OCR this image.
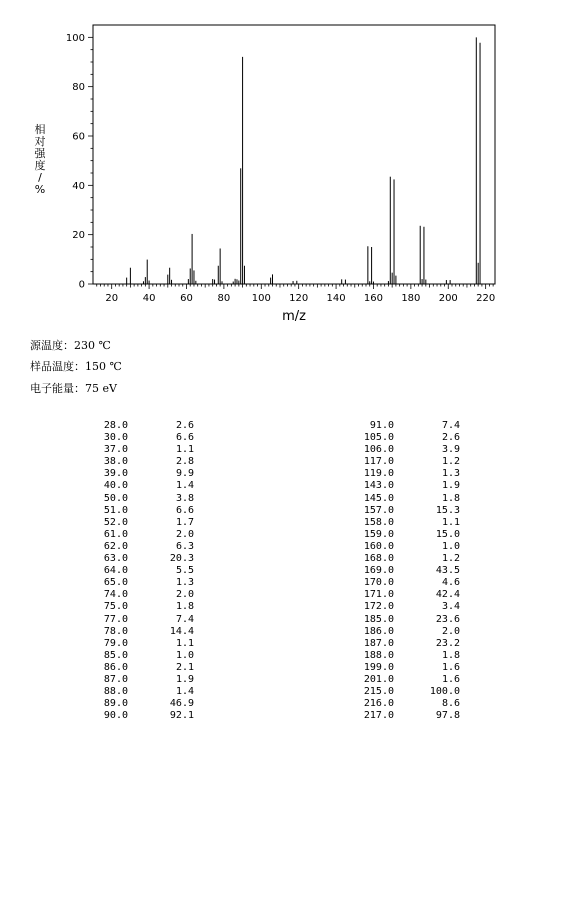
20 40 60 80 100 120 140 160 180 200 220
0
20
40
60
80
100
m/z
相对强度/ %
源温度：230 ℃
样品温度：150 ℃
电子能量：75 eV
28.0	2.6
30.0	6.6
37.0	1.1
38.0	2.8
39.0	9.9
40.0	1.4
50.0	3.8
51.0	6.6
52.0	1.7
61.0	2.0
62.0	6.3
63.0	20.3
64.0	5.5
65.0	1.3
74.0	2.0
75.0	1.8
77.0	7.4
78.0	14.4
79.0	1.1
85.0	1.0
86.0	2.1
87.0	1.9
88.0	1.4
89.0	46.9
90.0	92.1
91.0	7.4
105.0	2.6
106.0	3.9
117.0	1.2
119.0	1.3
143.0	1.9
145.0	1.8
157.0	15.3
158.0	1.1
159.0	15.0
160.0	1.0
168.0	1.2
169.0	43.5
170.0	4.6
171.0	42.4
172.0	3.4
185.0	23.6
186.0	2.0
187.0	23.2
188.0	1.8
199.0	1.6
201.0	1.6
215.0	100.0
216.0	8.6
217.0	97.8
